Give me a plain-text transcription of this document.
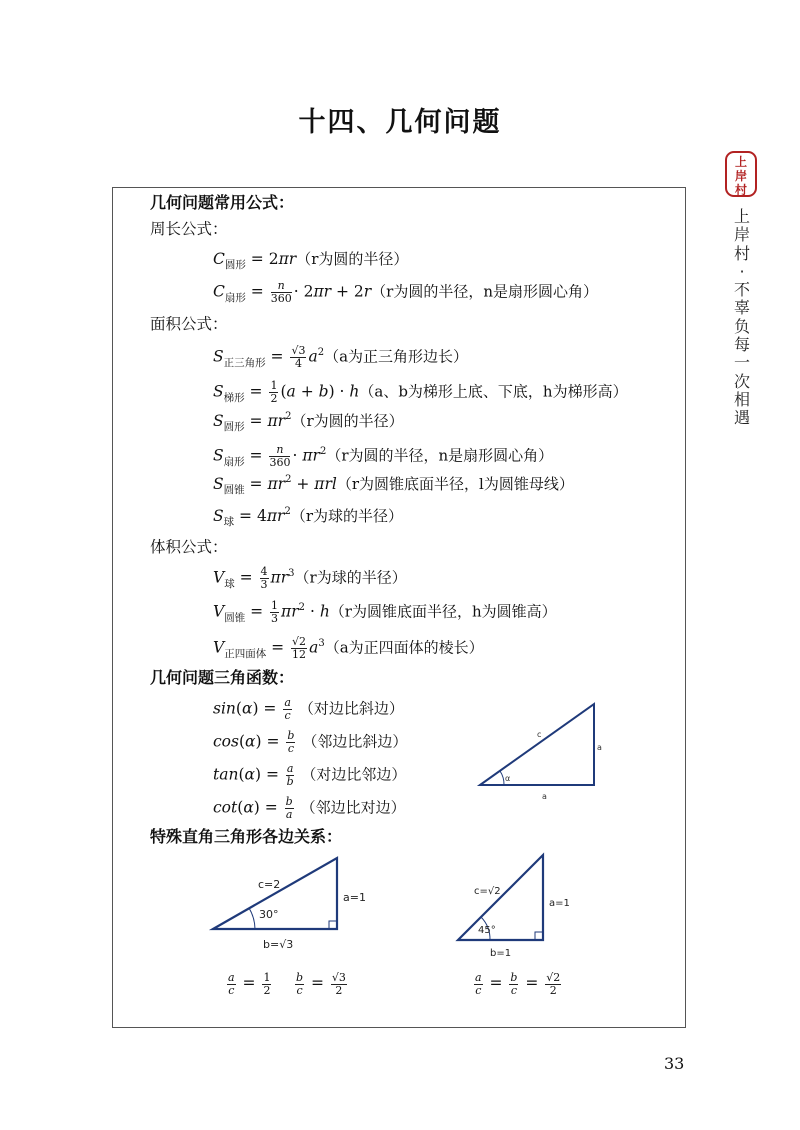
十四、几何问题
上
岸
村
上
岸
村
·
不
辜
负
每
一
次
相
遇
几何问题常用公式：
周长公式：
$C_{圆形} = 2\pi r(r$为圆的半径）
$C_{扇形} = \frac{n}{360} \cdot 2\pi r + 2r(r$为圆的半径，n是扇形圆心角）
面积公式：
$S_{正三角形} = \frac{√3}{4} a^2(a$为正三角形边长）
$S_{梯形} = \frac{1}{2} (a + b) \cdot h(a$、b为梯形上底、下底，h为梯形高）
$S_{圆形} = \pi r^2(r$为圆的半径）
$S_{扇形} = \frac{n}{360} \cdot \pi r^2(r$为圆的半径，n是扇形圆心角）
$S_{圆锥} = \pi r^2 + \pi rl(r$为圆锥底面半径，l为圆锥母线）
$S_球 = 4\pi r^2(r$为球的半径）
体积公式：
$V_球 = \frac{4}{3} \pi r^3(r$为球的半径）
$V_{圆锥} = \frac{1}{3} \pi r^2 \cdot h(r$为圆锥底面半径，h为圆锥高）
$V_{正四面体} = \frac{√2}{12} a^3(a$为正四面体的棱长）
几何问题三角函数：
$\sin(\alpha) = \frac{a}{c}$ （对边比斜边）
$\cos(\alpha) = \frac{b}{c}$ （邻边比斜边）
$\tan(\alpha) = \frac{a}{b}$ （对边比邻边）
$\cot(\alpha) = \frac{b}{a}$ （邻边比对边）
c
a
a
α
特殊直角三角形各边关系：
c=2
a=1
30°
b=√3
$\frac{a}{c} = \frac{1}{2} \frac{b}{c} = \frac{√3}{2}$
c=√2
a=1
45°
b=1
$\frac{a}{c} = \frac{b}{c} = \frac{√2}{2}$
33
